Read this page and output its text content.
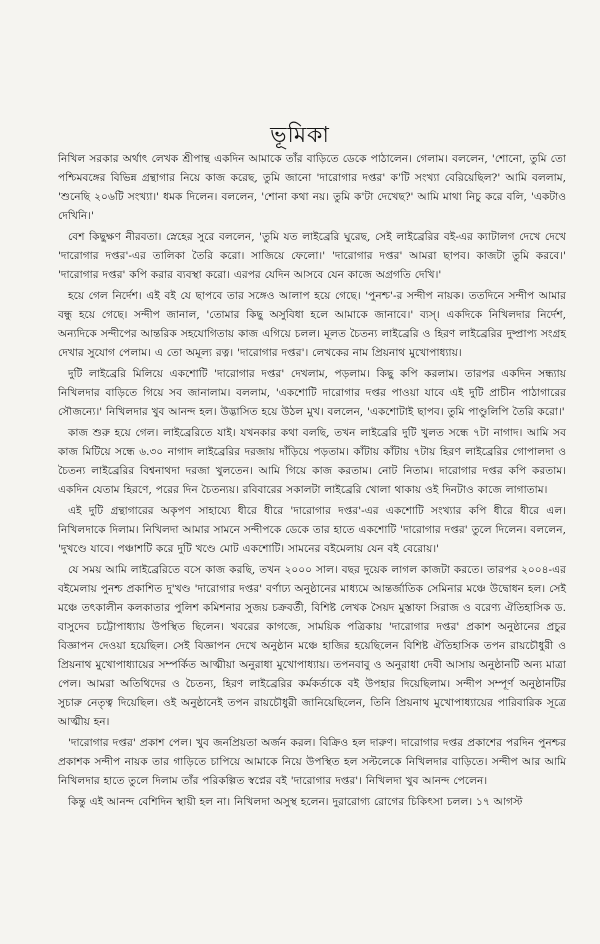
ভূমিকা

নিখিল সরকার অর্থাৎ লেখক শ্রীপান্থ একদিন আমাকে তাঁর বাড়িতে ডেকে পাঠালেন। গেলাম। বললেন, 'শোনো, তুমি তো পশ্চিমবঙ্গের বিভিন্ন গ্রন্থাগার নিয়ে কাজ করেছ, তুমি জানো 'দারোগার দপ্তর' ক'টি সংখ্যা বেরিয়েছিল?' আমি বললাম, 'শুনেছি ২০৬টি সংখ্যা।' ধমক দিলেন। বললেন, 'শোনা কথা নয়। তুমি ক'টা দেখেছ?' আমি মাথা নিচু করে বলি, 'একটাও দেখিনি।'

বেশ কিছুক্ষণ নীরবতা। স্নেহের সুরে বললেন, 'তুমি যত লাইব্রেরি ঘুরেছ, সেই লাইব্রেরির বই-এর ক্যাটালগ দেখে দেখে 'দারোগার দপ্তর'-এর তালিকা তৈরি করো। সাজিয়ে ফেলো।' 'দারোগার দপ্তর' আমরা ছাপব। কাজটা তুমি করবে।' 'দারোগার দপ্তর' কপি করার ব্যবস্থা করো। এরপর যেদিন আসবে যেন কাজে অগ্রগতি দেখি।'

হয়ে গেল নির্দেশ। এই বই যে ছাপবে তার সঙ্গেও আলাপ হয়ে গেছে। 'পুনশ্চ'-র সন্দীপ নায়ক। ততদিনে সন্দীপ আমার বন্ধু হয়ে গেছে। সন্দীপ জানাল, 'তোমার কিছু অসুবিধা হলে আমাকে জানাবে।' ব্যস্। একদিকে নিখিলদার নির্দেশ, অন্যদিকে সন্দীপের আন্তরিক সহযোগিতায় কাজ এগিয়ে চলল। মূলত চৈতন্য লাইব্রেরি ও হিরণ লাইব্রেরির দুষ্প্রাপ্য সংগ্রহ দেখার সুযোগ পেলাম। এ তো অমূল্য রত্ন। 'দারোগার দপ্তর'। লেখকের নাম প্রিয়নাথ মুখোপাধ্যায়।

দুটি লাইব্রেরি মিলিয়ে একশোটি 'দারোগার দপ্তর' দেখলাম, পড়লাম। কিছু কপি করলাম। তারপর একদিন সন্ধ্যায় নিখিলদার বাড়িতে গিয়ে সব জানালাম। বললাম, 'একশোটি দারোগার দপ্তর পাওয়া যাবে এই দুটি প্রাচীন পাঠাগারের সৌজন্যে।' নিখিলদার খুব আনন্দ হল। উদ্ভাসিত হয়ে উঠল মুখ। বললেন, 'একশোটাই ছাপব। তুমি পাণ্ডুলিপি তৈরি করো।'

কাজ শুরু হয়ে গেল। লাইব্রেরিতে যাই। যখনকার কথা বলছি, তখন লাইব্রেরি দুটি খুলত সন্ধে ৭টা নাগাদ। আমি সব কাজ মিটিয়ে সন্ধে ৬.৩০ নাগাদ লাইব্রেরির দরজায় দাঁড়িয়ে পড়তাম। কাঁটায় কাঁটায় ৭টায় হিরণ লাইব্রেরির গোপালদা ও চৈতন্য লাইব্রেরির বিশ্বনাথদা দরজা খুলতেন। আমি গিয়ে কাজ করতাম। নোট নিতাম। দারোগার দপ্তর কপি করতাম। একদিন যেতাম হিরণে, পরের দিন চৈতন্যয়। রবিবারের সকালটা লাইব্রেরি খোলা থাকায় ওই দিনটাও কাজে লাগাতাম।

এই দুটি গ্রন্থাগারের অকৃপণ সাহায্যে ধীরে ধীরে 'দারোগার দপ্তর'-এর একশোটি সংখ্যার কপি ধীরে ধীরে এল। নিখিলদাকে দিলাম। নিখিলদা আমার সামনে সন্দীপকে ডেকে তার হাতে একশোটি 'দারোগার দপ্তর' তুলে দিলেন। বললেন, 'দুখণ্ডে যাবে। পঞ্চাশটি করে দুটি খণ্ডে মোট একশোটি। সামনের বইমেলায় যেন বই বেরোয়।'

যে সময় আমি লাইব্রেরিতে বসে কাজ করছি, তখন ২০০০ সাল। বছর দুয়েক লাগল কাজটা করতে। তারপর ২০০৪-এর বইমেলায় পুনশ্চ প্রকাশিত দু'খণ্ড 'দারোগার দপ্তর' বর্ণাঢ্য অনুষ্ঠানের মাধ্যমে আন্তর্জাতিক সেমিনার মঞ্চে উদ্বোধন হল। সেই মঞ্চে তৎকালীন কলকাতার পুলিশ কমিশনার সুজয় চক্রবর্তী, বিশিষ্ট লেখক সৈয়দ মুস্তাফা সিরাজ ও বরেণ্য ঐতিহাসিক ড. বাসুদেব চট্টোপাধ্যায় উপস্থিত ছিলেন। খবরের কাগজে, সাময়িক পত্রিকায় 'দারোগার দপ্তর' প্রকাশ অনুষ্ঠানের প্রচুর বিজ্ঞাপন দেওয়া হয়েছিল। সেই বিজ্ঞাপন দেখে অনুষ্ঠান মঞ্চে হাজির হয়েছিলেন বিশিষ্ট ঐতিহাসিক তপন রায়চৌধুরী ও প্রিয়নাথ মুখোপাধ্যায়ের সম্পর্কিত আত্মীয়া অনুরাধা মুখোপাধ্যায়। তপনবাবু ও অনুরাধা দেবী আসায় অনুষ্ঠানটি অন্য মাত্রা পেল। আমরা অতিথিদের ও চৈতন্য, হিরণ লাইব্রেরির কর্মকর্তাকে বই উপহার দিয়েছিলাম। সন্দীপ সম্পূর্ণ অনুষ্ঠানটির সুচারু নেতৃত্ব দিয়েছিল। ওই অনুষ্ঠানেই তপন রায়চৌধুরী জানিয়েছিলেন, তিনি প্রিয়নাথ মুখোপাধ্যায়ের পারিবারিক সূত্রে আত্মীয় হন।

'দারোগার দপ্তর' প্রকাশ পেল। খুব জনপ্রিয়তা অর্জন করল। বিক্রিও হল দারুণ। দারোগার দপ্তর প্রকাশের পরদিন পুনশ্চর প্রকাশক সন্দীপ নায়ক তার গাড়িতে চাপিয়ে আমাকে নিয়ে উপস্থিত হল সল্টলেকে নিখিলদার বাড়িতে। সন্দীপ আর আমি নিখিলদার হাতে তুলে দিলাম তাঁর পরিকল্পিত স্বপ্নের বই 'দারোগার দপ্তর'। নিখিলদা খুব আনন্দ পেলেন।

কিন্তু এই আনন্দ বেশিদিন স্থায়ী হল না। নিখিলদা অসুস্থ হলেন। দুরারোগ্য রোগের চিকিৎসা চলল। ১৭ আগস্ট
